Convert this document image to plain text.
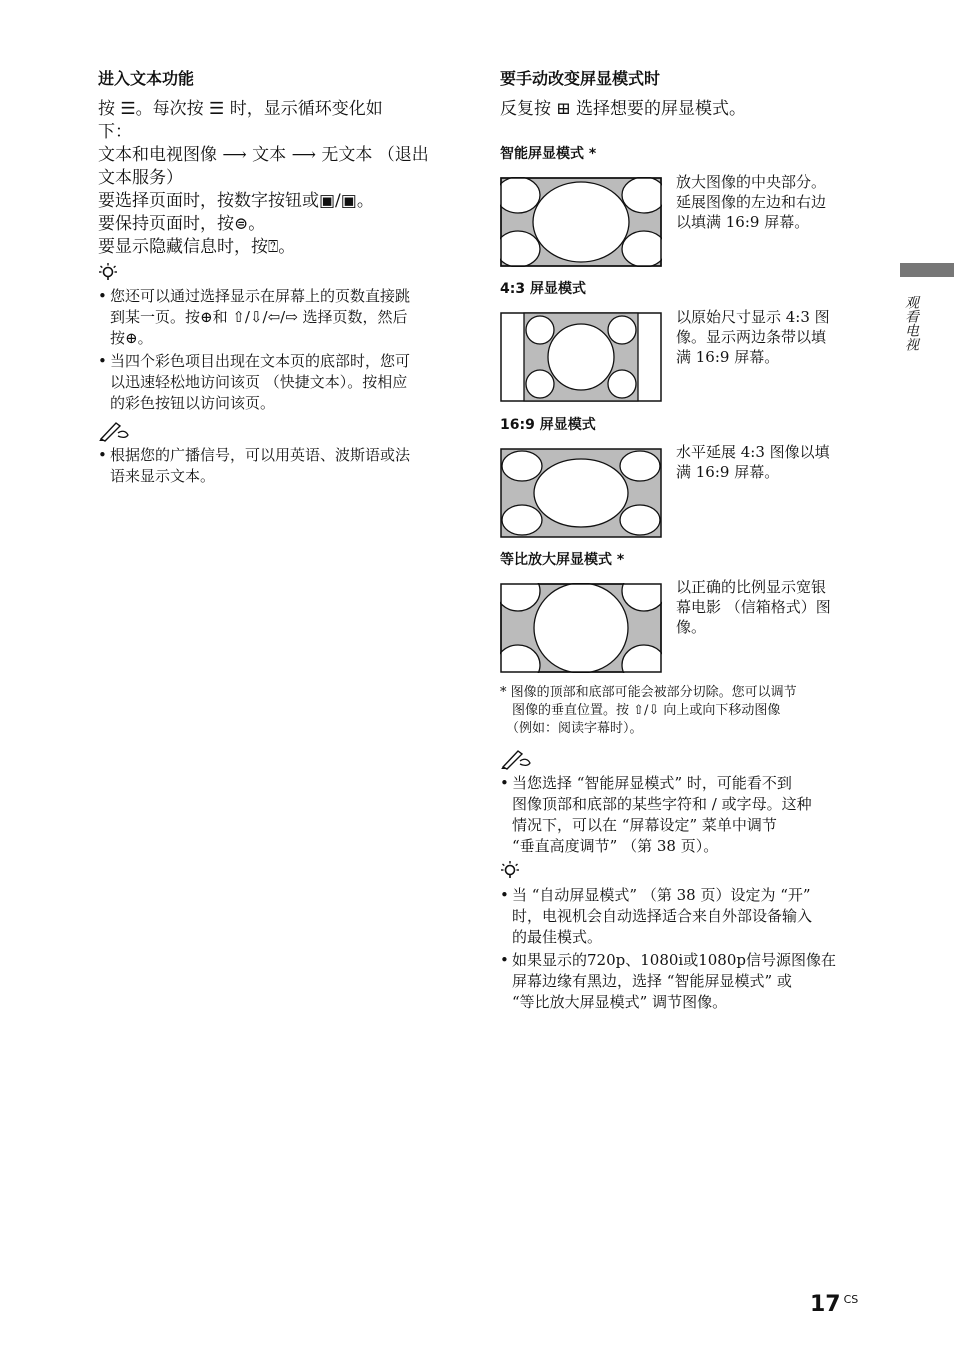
进入文本功能
按 ☰。每次按 ☰ 时，显示循环变化如
下：
文本和电视图像 ⟶ 文本 ⟶ 无文本 （退出
文本服务）
要选择页面时，按数字按钮或▣/▣。
要保持页面时，按⊜。
要显示隐藏信息时，按⍰。
• 您还可以通过选择显示在屏幕上的页数直接跳
到某一页。按⊕和 ⇧/⇩/⇦/⇨ 选择页数，然后
按⊕。
• 当四个彩色项目出现在文本页的底部时，您可
以迅速轻松地访问该页 （快捷文本）。按相应
的彩色按钮以访问该页。
• 根据您的广播信号，可以用英语、波斯语或法
语来显示文本。
要手动改变屏显模式时
反复按 ⊞ 选择想要的屏显模式。
智能屏显模式 *
放大图像的中央部分。
延展图像的左边和右边
以填满 16:9 屏幕。
4:3 屏显模式
以原始尺寸显示 4:3 图
像。显示两边条带以填
满 16:9 屏幕。
16:9 屏显模式
水平延展 4:3 图像以填
满 16:9 屏幕。
等比放大屏显模式 *
以正确的比例显示宽银
幕电影 （信箱格式）图
像。
* 图像的顶部和底部可能会被部分切除。您可以调节
图像的垂直位置。按 ⇧/⇩ 向上或向下移动图像
（例如：阅读字幕时）。
• 当您选择 “智能屏显模式” 时，可能看不到
图像顶部和底部的某些字符和 / 或字母。这种
情况下，可以在 “屏幕设定” 菜单中调节
“垂直高度调节” （第 38 页）。
• 当 “自动屏显模式” （第 38 页）设定为 “开”
时，电视机会自动选择适合来自外部设备输入
的最佳模式。
• 如果显示的720p、1080i或1080p信号源图像在
屏幕边缘有黑边，选择 “智能屏显模式” 或
“等比放大屏显模式” 调节图像。
观看电视
17 $^{CS}$
